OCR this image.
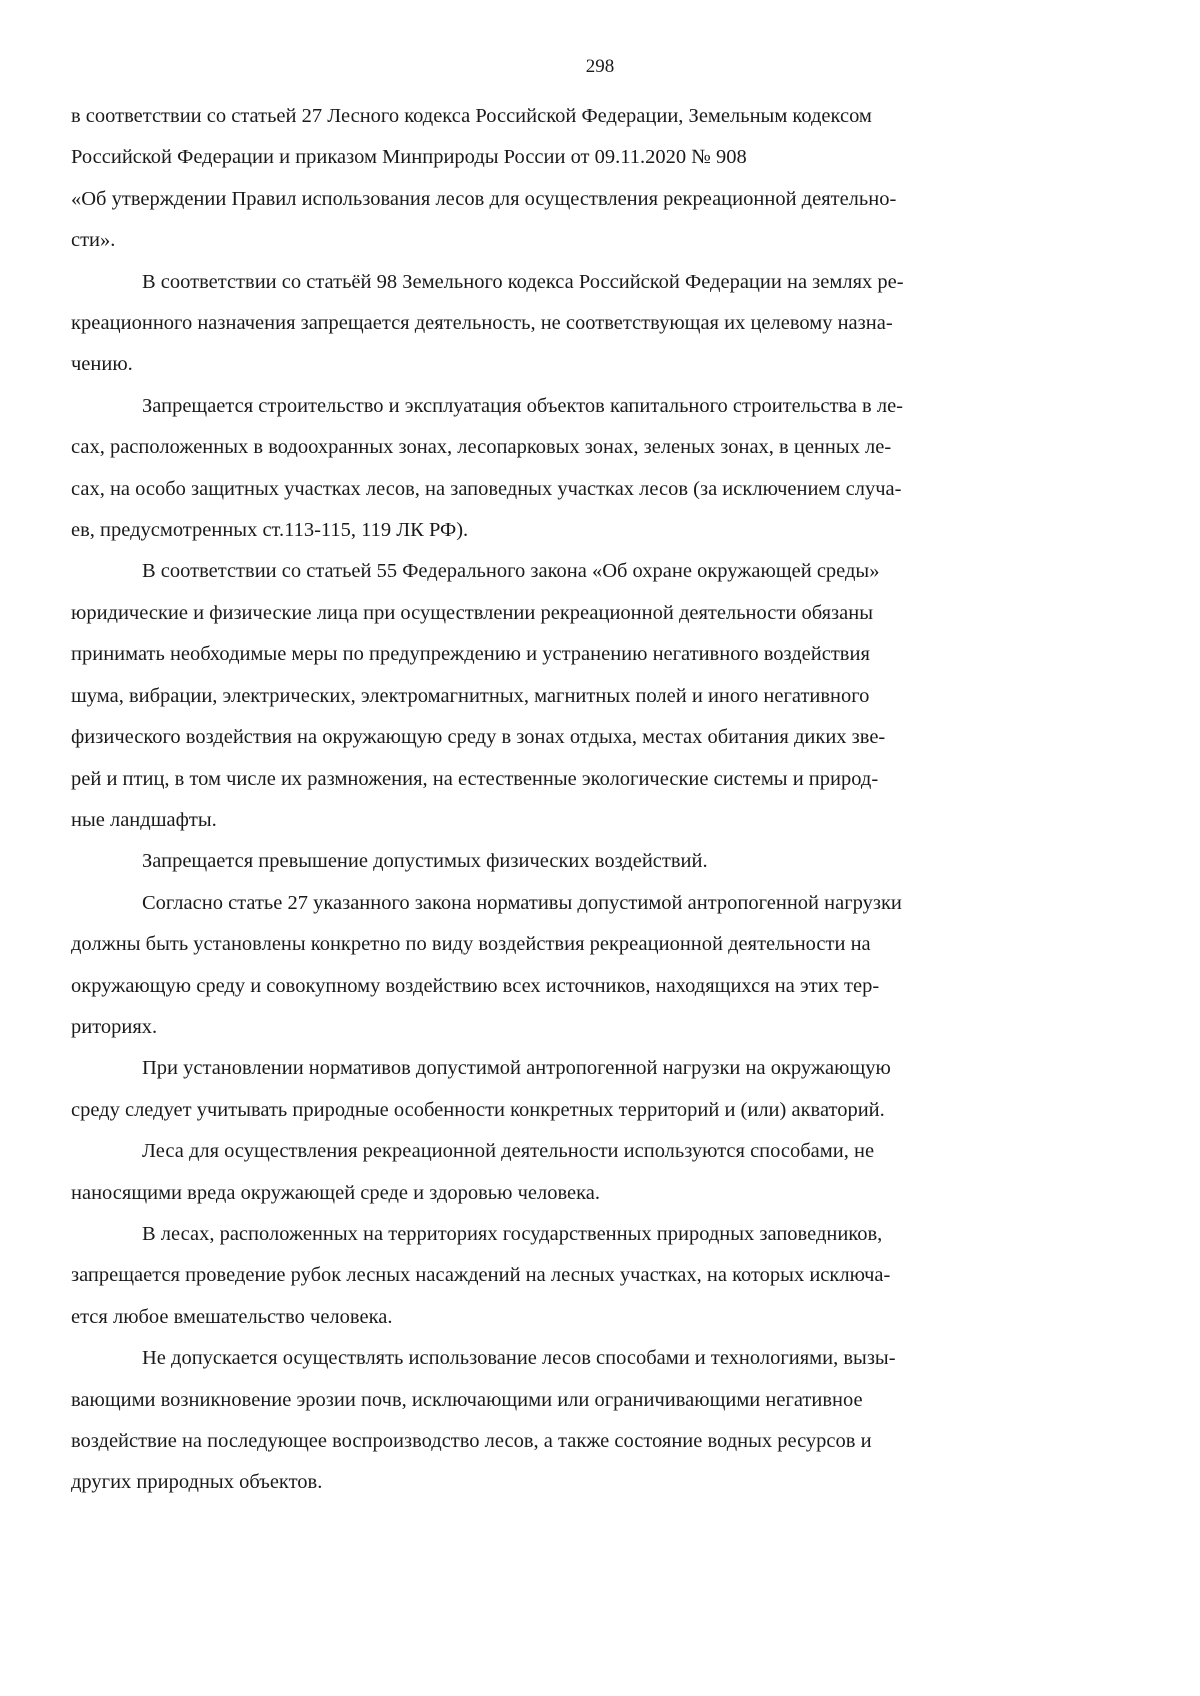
298

в соответствии со статьей 27 Лесного кодекса Российской Федерации, Земельным кодексом
Российской Федерации и приказом Минприроды России от 09.11.2020 № 908
«Об утверждении Правил использования лесов для осуществления рекреационной деятельно-
сти».

В соответствии со статьёй 98 Земельного кодекса Российской Федерации на землях ре-
креационного назначения запрещается деятельность, не соответствующая их целевому назна-
чению.

Запрещается строительство и эксплуатация объектов капитального строительства в ле-
сах, расположенных в водоохранных зонах, лесопарковых зонах, зеленых зонах, в ценных ле-
сах, на особо защитных участках лесов, на заповедных участках лесов (за исключением случа-
ев, предусмотренных ст.113-115, 119 ЛК РФ).

В соответствии со статьей 55 Федерального закона «Об охране окружающей среды»
юридические и физические лица при осуществлении рекреационной деятельности обязаны
принимать необходимые меры по предупреждению и устранению негативного воздействия
шума, вибрации, электрических, электромагнитных, магнитных полей и иного негативного
физического воздействия на окружающую среду в зонах отдыха, местах обитания диких зве-
рей и птиц, в том числе их размножения, на естественные экологические системы и природ-
ные ландшафты.

Запрещается превышение допустимых физических воздействий.

Согласно статье 27 указанного закона нормативы допустимой антропогенной нагрузки
должны быть установлены конкретно по виду воздействия рекреационной деятельности на
окружающую среду и совокупному воздействию всех источников, находящихся на этих тер-
риториях.

При установлении нормативов допустимой антропогенной нагрузки на окружающую
среду следует учитывать природные особенности конкретных территорий и (или) акваторий.

Леса для осуществления рекреационной деятельности используются способами, не
наносящими вреда окружающей среде и здоровью человека.

В лесах, расположенных на территориях государственных природных заповедников,
запрещается проведение рубок лесных насаждений на лесных участках, на которых исключа-
ется любое вмешательство человека.

Не допускается осуществлять использование лесов способами и технологиями, вызы-
вающими возникновение эрозии почв, исключающими или ограничивающими негативное
воздействие на последующее воспроизводство лесов, а также состояние водных ресурсов и
других природных объектов.
